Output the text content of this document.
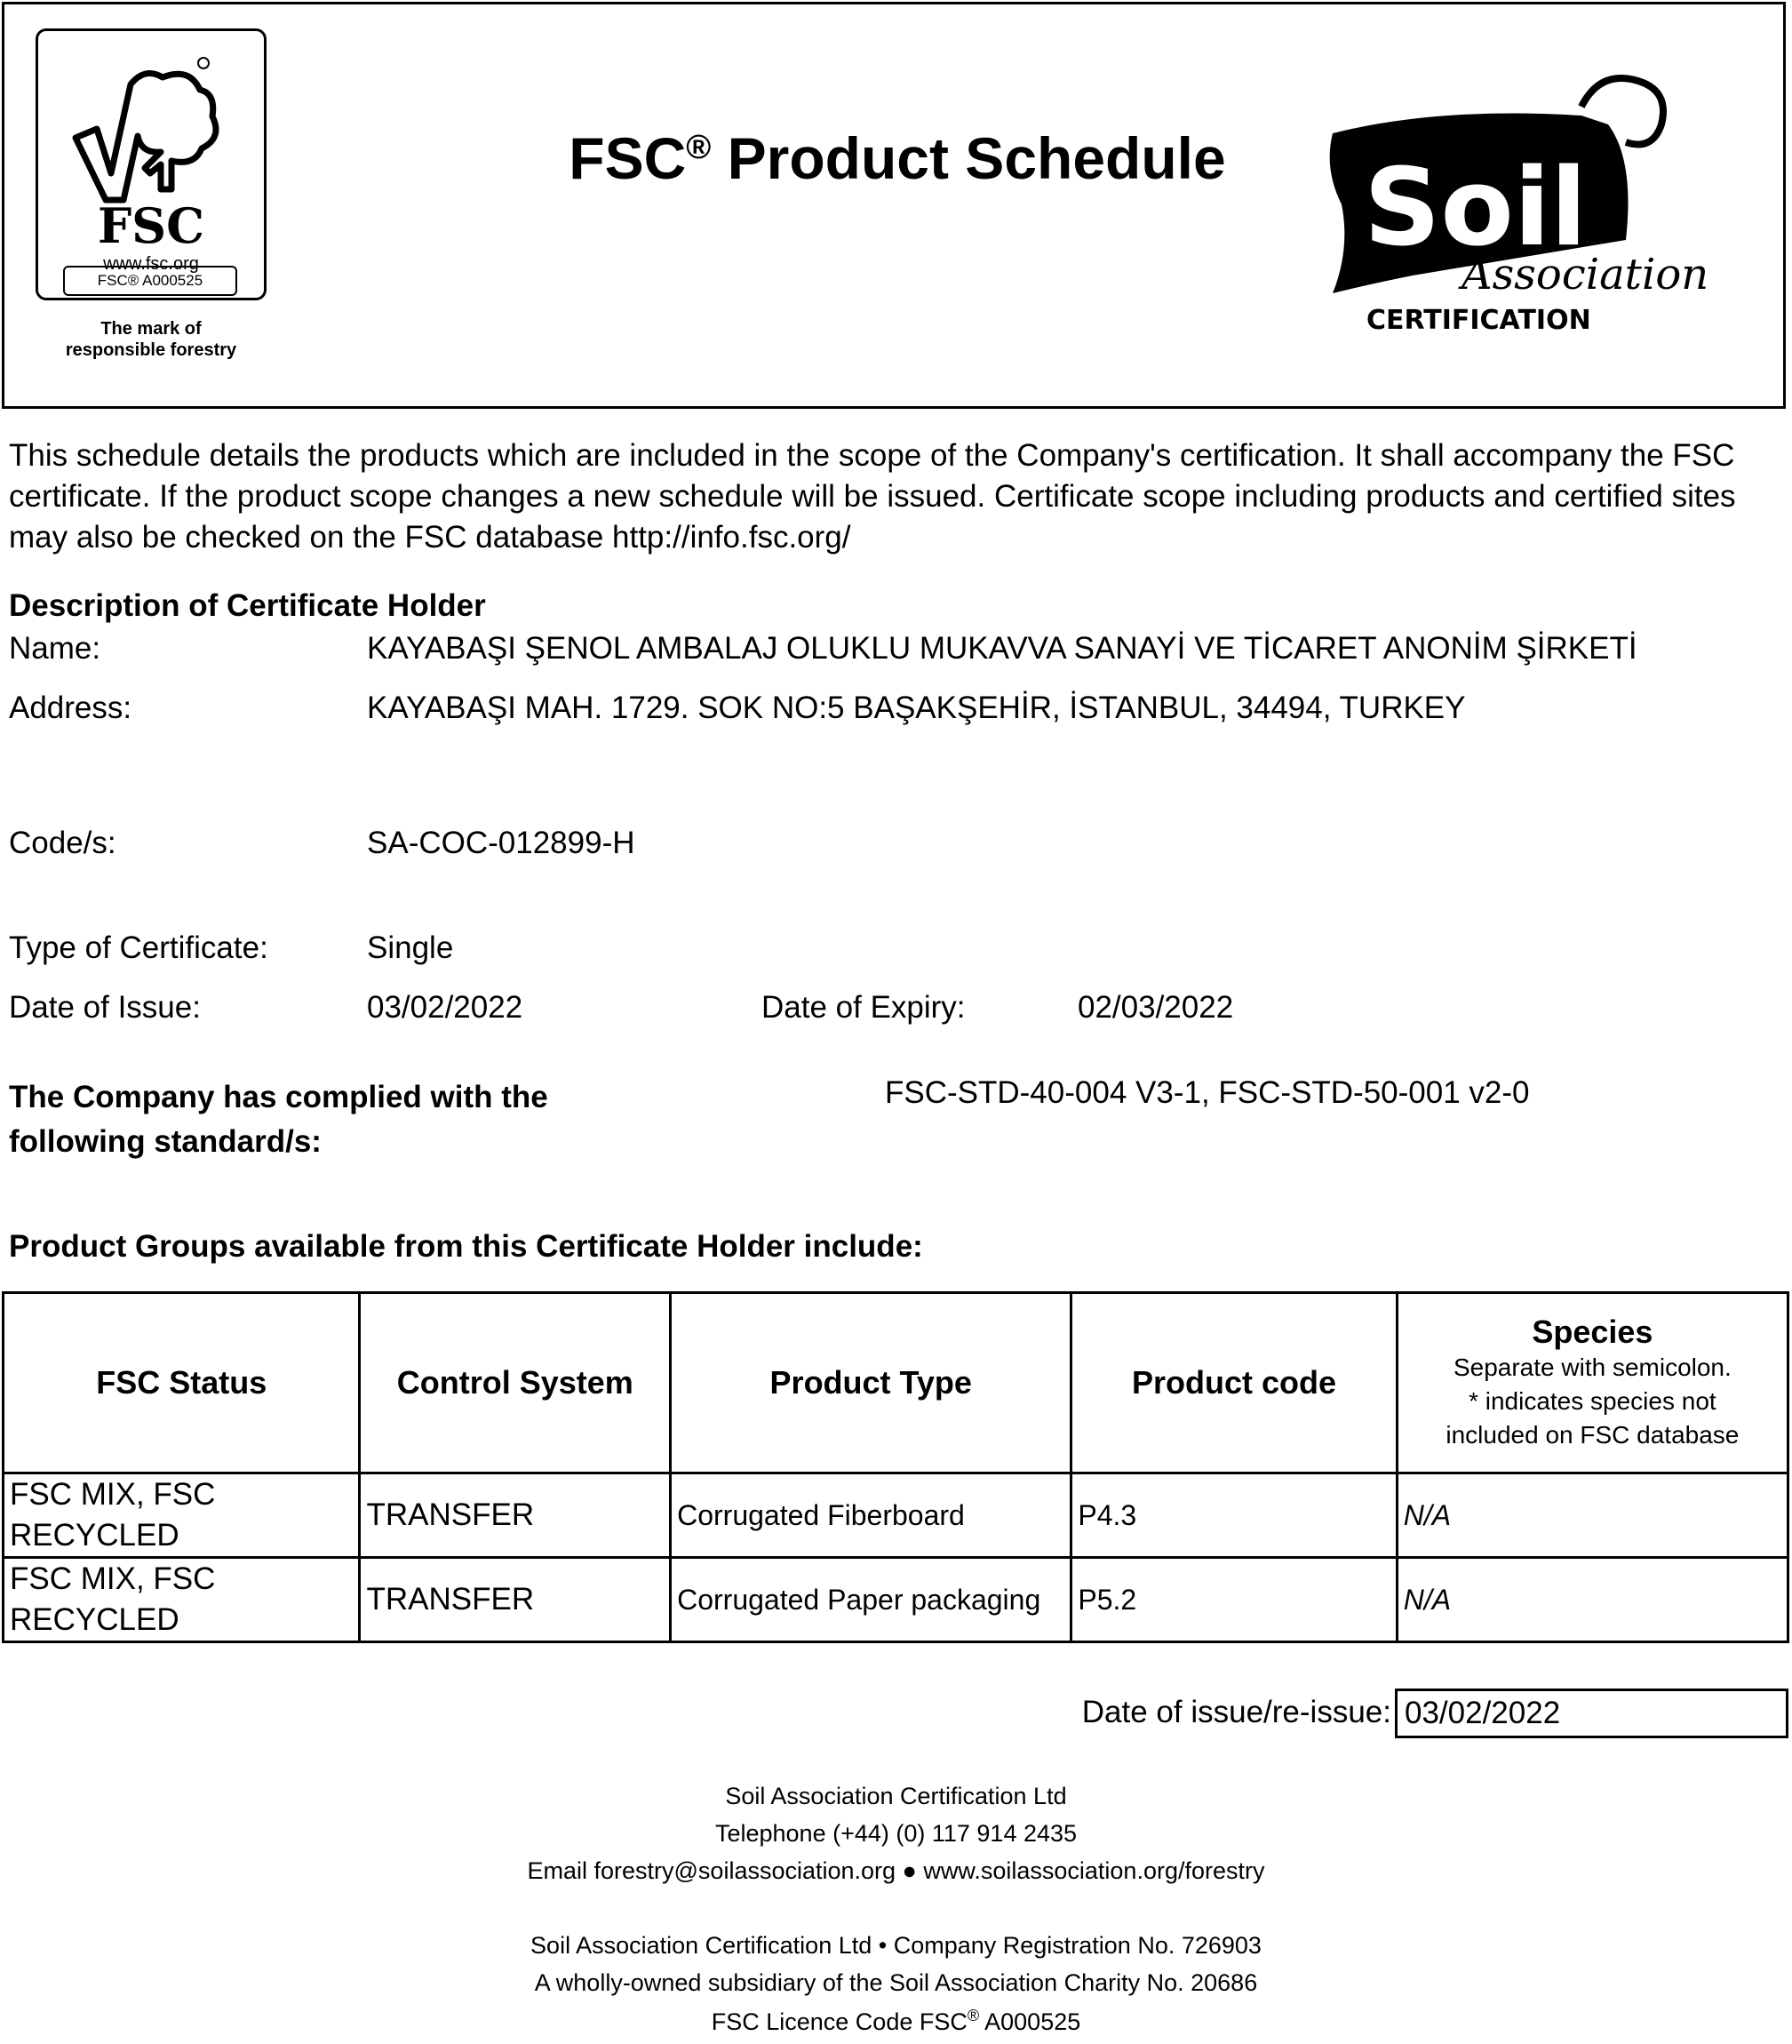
FSC
www.fsc.org
FSC® A000525
The mark of
responsible forestry
FSC® Product Schedule	Soil
Association
CERTIFICATION
This schedule details the products which are included in the scope of the Company's certification. It shall accompany the FSC certificate. If the product scope changes a new schedule will be issued. Certificate scope including products and certified sites may also be checked on the FSC database http://info.fsc.org/
Description of Certificate Holder
Name:	KAYABAŞI ŞENOL AMBALAJ OLUKLU MUKAVVA SANAYİ VE TİCARET ANONİM ŞİRKETİ
Address:	KAYABAŞI MAH. 1729. SOK NO:5 BAŞAKŞEHİR, İSTANBUL, 34494, TURKEY
Code/s:	SA-COC-012899-H
Type of Certificate:	Single
Date of Issue:	03/02/2022	Date of Expiry:	02/03/2022
The Company has complied with the
following standard/s:
FSC-STD-40-004 V3-1, FSC-STD-50-001 v2-0
Product Groups available from this Certificate Holder include:
FSC Status	Control System	Product Type	Product code	Species
Separate with semicolon.
* indicates species not
included on FSC database

FSC MIX, FSC
RECYCLED	TRANSFER	Corrugated Fiberboard	P4.3	N/A

FSC MIX, FSC
RECYCLED	TRANSFER	Corrugated Paper packaging	P5.2	N/A
Date of issue/re-issue: 03/02/2022
Soil Association Certification Ltd
Telephone (+44) (0) 117 914 2435
Email forestry@soilassociation.org ● www.soilassociation.org/forestry
Soil Association Certification Ltd • Company Registration No. 726903
A wholly-owned subsidiary of the Soil Association Charity No. 20686
FSC Licence Code FSC® A000525
